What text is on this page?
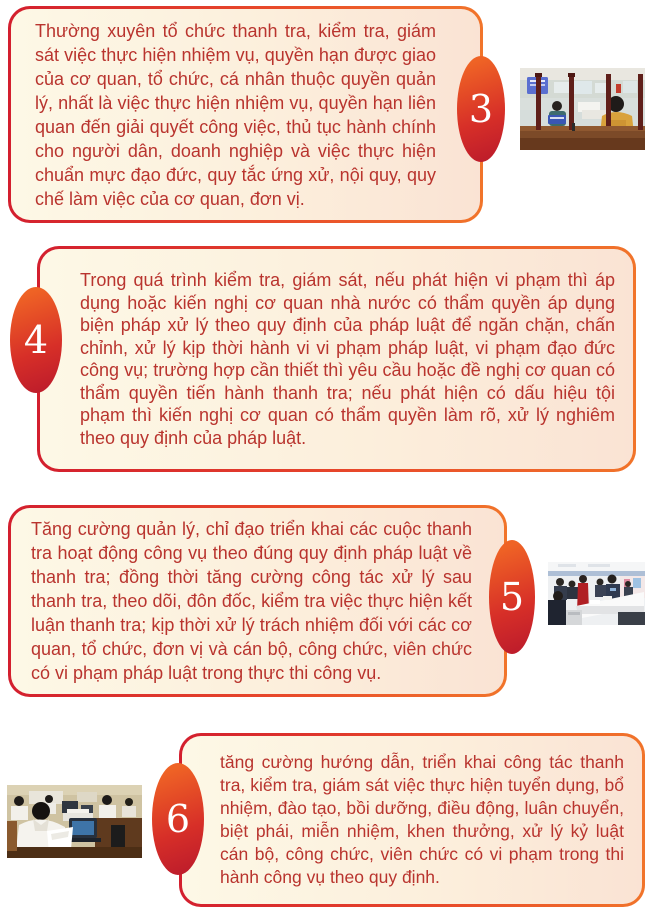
Thường xuyên tổ chức thanh tra, kiểm tra, giám sát việc thực hiện nhiệm vụ, quyền hạn được giao của cơ quan, tổ chức, cá nhân thuộc quyền quản lý, nhất là việc thực hiện nhiệm vụ, quyền hạn liên quan đến giải quyết công việc, thủ tục hành chính cho người dân, doanh nghiệp và việc thực hiện chuẩn mực đạo đức, quy tắc ứng xử, nội quy, quy chế làm việc của cơ quan, đơn vị.
3
Trong quá trình kiểm tra, giám sát, nếu phát hiện vi phạm thì áp dụng hoặc kiến nghị cơ quan nhà nước có thẩm quyền áp dụng biện pháp xử lý theo quy định của pháp luật để ngăn chặn, chấn chỉnh, xử lý kịp thời hành vi vi phạm pháp luật, vi phạm đạo đức công vụ; trường hợp cần thiết thì yêu cầu hoặc đề nghị cơ quan có thẩm quyền tiến hành thanh tra; nếu phát hiện có dấu hiệu tội phạm thì kiến nghị cơ quan có thẩm quyền làm rõ, xử lý nghiêm theo quy định của pháp luật.
4
Tăng cường quản lý, chỉ đạo triển khai các cuộc thanh tra hoạt động công vụ theo đúng quy định pháp luật về thanh tra; đồng thời tăng cường công tác xử lý sau thanh tra, theo dõi, đôn đốc, kiểm tra việc thực hiện kết luận thanh tra; kịp thời xử lý trách nhiệm đối với các cơ quan, tổ chức, đơn vị và cán bộ, công chức, viên chức có vi phạm pháp luật trong thực thi công vụ.
5
tăng cường hướng dẫn, triển khai công tác thanh tra, kiểm tra, giám sát việc thực hiện tuyển dụng, bổ nhiệm, đào tạo, bồi dưỡng, điều động, luân chuyển, biệt phái, miễn nhiệm, khen thưởng, xử lý kỷ luật cán bộ, công chức, viên chức có vi phạm trong thi hành công vụ theo quy định.
6
